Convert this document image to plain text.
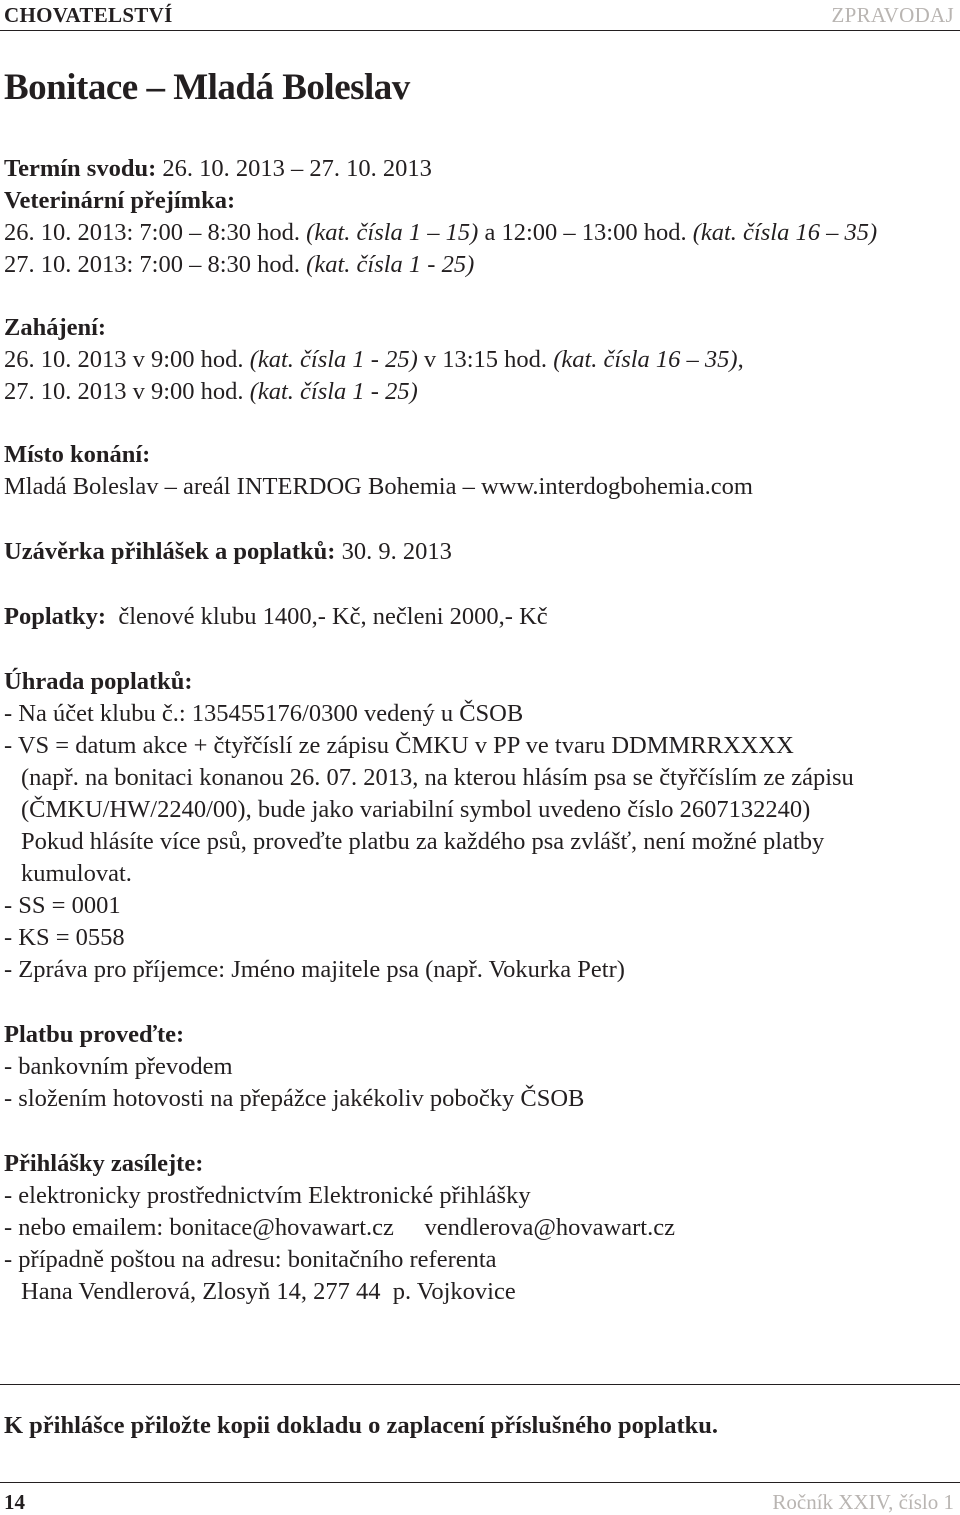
CHOVATELSTVÍ	ZPRAVODAJ
Bonitace – Mladá Boleslav
Termín svodu: 26. 10. 2013 – 27. 10. 2013
Veterinární přejímka:
26. 10. 2013: 7:00 – 8:30 hod. (kat. čísla 1 – 15) a 12:00 – 13:00 hod. (kat. čísla 16 – 35)
27. 10. 2013: 7:00 – 8:30 hod. (kat. čísla 1 - 25)
Zahájení:
26. 10. 2013 v 9:00 hod. (kat. čísla 1 - 25) v 13:15 hod. (kat. čísla 16 – 35),
27. 10. 2013 v 9:00 hod. (kat. čísla 1 - 25)
Místo konání:
Mladá Boleslav – areál INTERDOG Bohemia – www.interdogbohemia.com
Uzávěrka přihlášek a poplatků: 30. 9. 2013
Poplatky:  členové klubu 1400,- Kč, nečleni 2000,- Kč
Úhrada poplatků:
- Na účet klubu č.: 135455176/0300 vedený u ČSOB
- VS = datum akce + čtyřčíslí ze zápisu ČMKU v PP ve tvaru DDMMRRXXXX
(např. na bonitaci konanou 26. 07. 2013, na kterou hlásím psa se čtyřčíslím ze zápisu
(ČMKU/HW/2240/00), bude jako variabilní symbol uvedeno číslo 2607132240)
Pokud hlásíte více psů, proveďte platbu za každého psa zvlášť, není možné platby
kumulovat.
- SS = 0001
- KS = 0558
- Zpráva pro příjemce: Jméno majitele psa (např. Vokurka Petr)
Platbu proveďte:
- bankovním převodem
- složením hotovosti na přepážce jakékoliv pobočky ČSOB
Přihlášky zasílejte:
- elektronicky prostřednictvím Elektronické přihlášky
- nebo emailem: bonitace@hovawart.cz     vendlerova@hovawart.cz
- případně poštou na adresu: bonitačního referenta
Hana Vendlerová, Zlosyň 14, 277 44  p. Vojkovice
K přihlášce přiložte kopii dokladu o zaplacení příslušného poplatku.
14	Ročník XXIV, číslo 1
